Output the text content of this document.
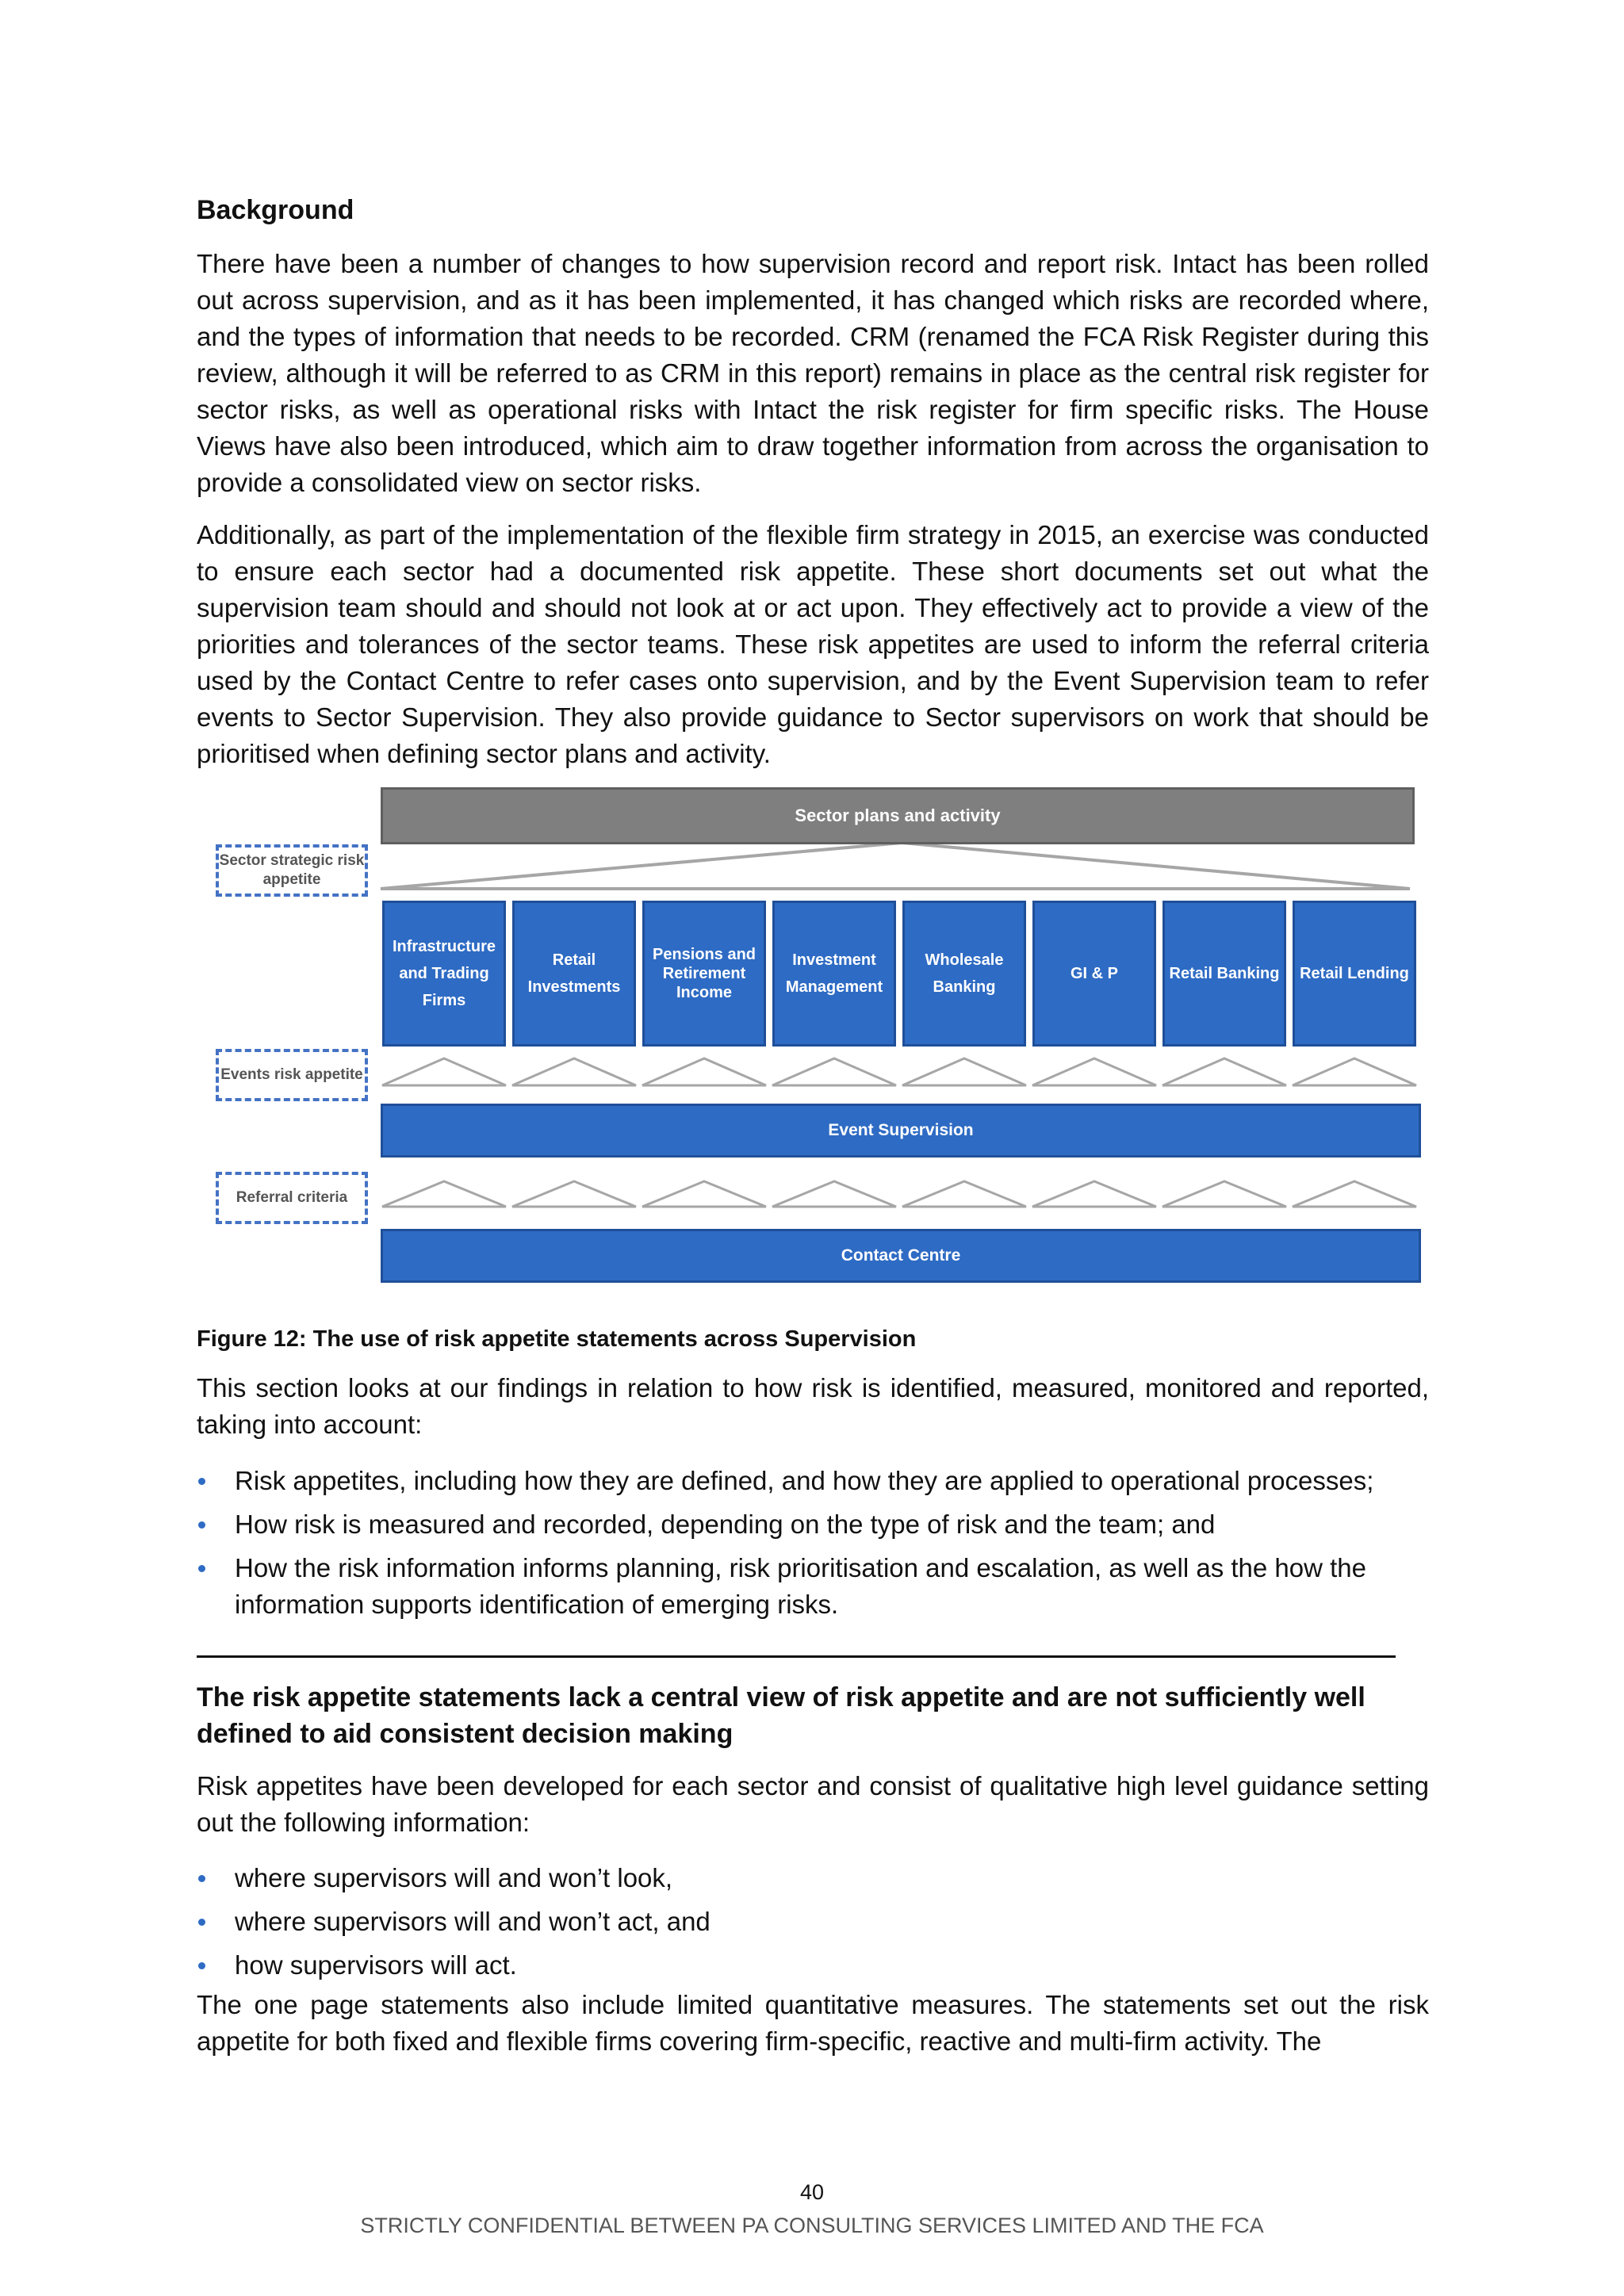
Background

There have been a number of changes to how supervision record and report risk. Intact has been rolled out across supervision, and as it has been implemented, it has changed which risks are recorded where, and the types of information that needs to be recorded. CRM (renamed the FCA Risk Register during this review, although it will be referred to as CRM in this report) remains in place as the central risk register for sector risks, as well as operational risks with Intact the risk register for firm specific risks. The House Views have also been introduced, which aim to draw together information from across the organisation to provide a consolidated view on sector risks.

Additionally, as part of the implementation of the flexible firm strategy in 2015, an exercise was conducted to ensure each sector had a documented risk appetite. These short documents set out what the supervision team should and should not look at or act upon. They effectively act to provide a view of the priorities and tolerances of the sector teams. These risk appetites are used to inform the referral criteria used by the Contact Centre to refer cases onto supervision, and by the Event Supervision team to refer events to Sector Supervision. They also provide guidance to Sector supervisors on work that should be prioritised when defining sector plans and activity.

Sector plans and activity
Sector strategic risk appetite
Infrastructure and Trading Firms
Retail Investments
Pensions and Retirement Income
Investment Management
Wholesale Banking
GI & P	Retail Banking	Retail Lending
Events risk appetite
Event Supervision
Referral criteria
Contact Centre
Figure 12: The use of risk appetite statements across Supervision

This section looks at our findings in relation to how risk is identified, measured, monitored and reported, taking into account:

Risk appetites, including how they are defined, and how they are applied to operational processes;
How risk is measured and recorded, depending on the type of risk and the team; and
How the risk information informs planning, risk prioritisation and escalation, as well as the how the information supports identification of emerging risks.
The risk appetite statements lack a central view of risk appetite and are not sufficiently well defined to aid consistent decision making

Risk appetites have been developed for each sector and consist of qualitative high level guidance setting out the following information:

where supervisors will and won’t look,
where supervisors will and won’t act, and
how supervisors will act.

The one page statements also include limited quantitative measures. The statements set out the risk appetite for both fixed and flexible firms covering firm-specific, reactive and multi-firm activity. The

40
STRICTLY CONFIDENTIAL BETWEEN PA CONSULTING SERVICES LIMITED AND THE FCA
